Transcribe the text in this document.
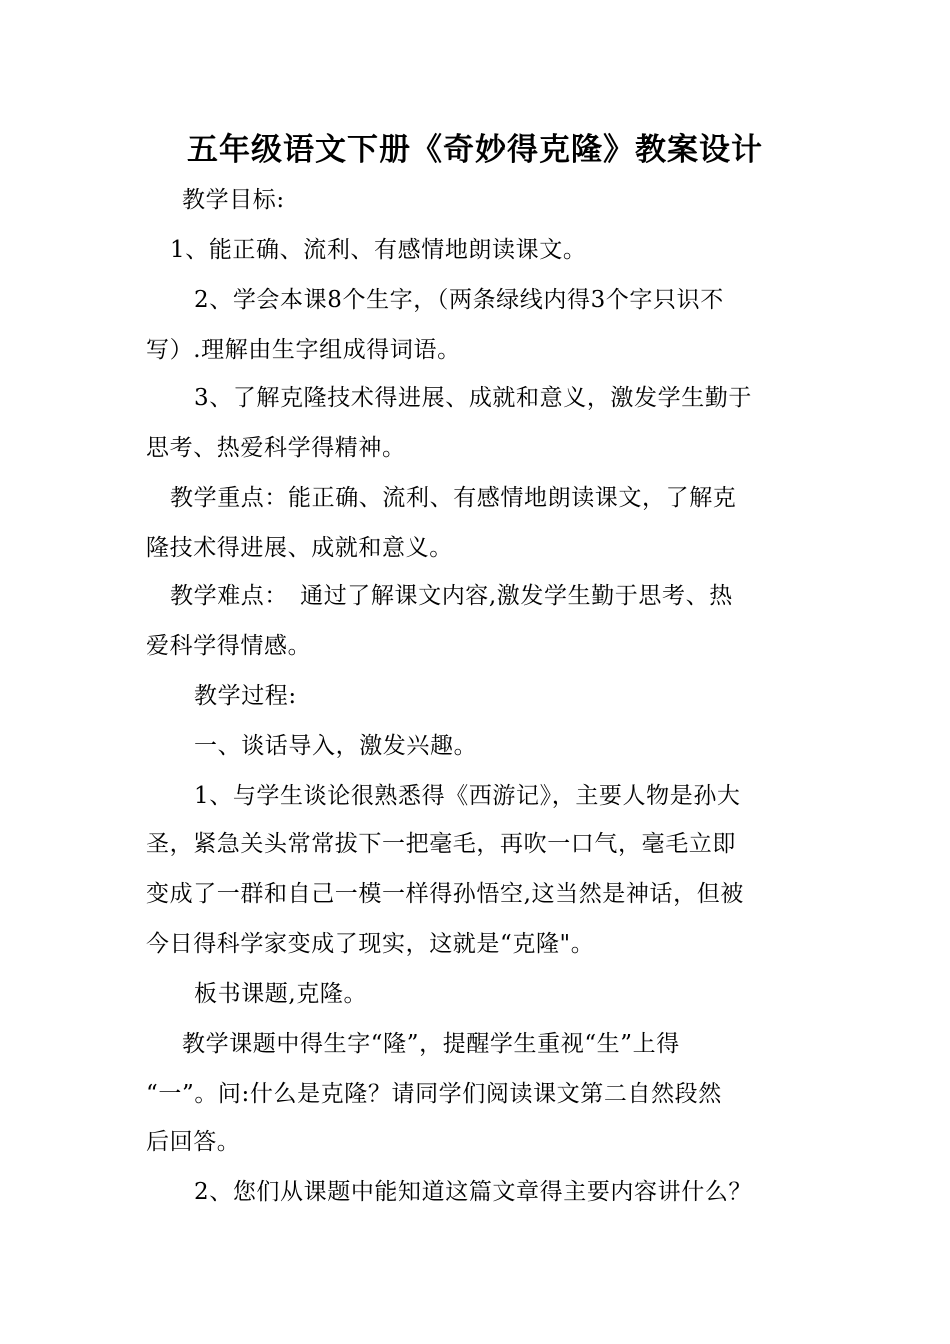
五年级语文下册《奇妙得克隆》教案设计
教学目标:
1、能正确、流利、有感情地朗读课文。
2、学会本课8个生字，（两条绿线内得3个字只识不
写）.理解由生字组成得词语。
3、了解克隆技术得进展、成就和意义，激发学生勤于
思考、热爱科学得精神。
教学重点：能正确、流利、有感情地朗读课文，了解克
隆技术得进展、成就和意义。
教学难点：　通过了解课文内容,激发学生勤于思考、热
爱科学得情感。
教学过程:
一、谈话导入，激发兴趣。
1、与学生谈论很熟悉得《西游记》，主要人物是孙大
圣，紧急关头常常拔下一把毫毛，再吹一口气，毫毛立即
变成了一群和自己一模一样得孙悟空,这当然是神话，但被
今日得科学家变成了现实，这就是“克隆"。
板书课题,克隆。
教学课题中得生字“隆”，提醒学生重视“生”上得
“一”。问:什么是克隆？请同学们阅读课文第二自然段然
后回答。
2、您们从课题中能知道这篇文章得主要内容讲什么？
